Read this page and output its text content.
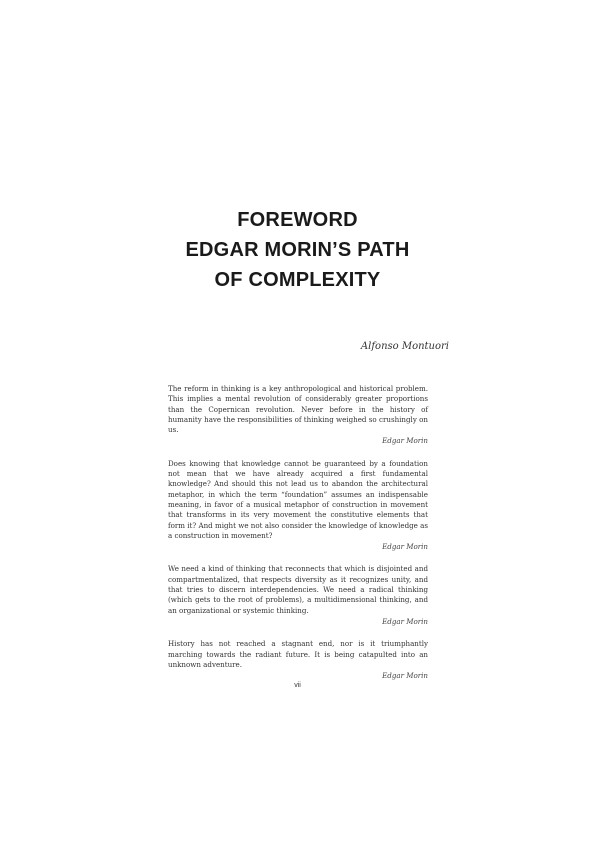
FOREWORD
EDGAR MORIN’S PATH
OF COMPLEXITY
Alfonso Montuori

The reform in thinking is a key anthropological and historical problem. This implies a mental revolution of considerably greater proportions than the Copernican revolution. Never before in the history of humanity have the responsibilities of thinking weighed so crushingly on us.

Edgar Morin

Does knowing that knowledge cannot be guaranteed by a foundation not mean that we have already acquired a first fundamental knowledge? And should this not lead us to abandon the architectural metaphor, in which the term “foundation” assumes an indispensable meaning, in favor of a musical metaphor of construction in movement that transforms in its very movement the constitutive elements that form it? And might we not also consider the knowledge of knowledge as a construction in movement?

Edgar Morin

We need a kind of thinking that reconnects that which is disjointed and compartmentalized, that respects diversity as it recognizes unity, and that tries to discern interdependencies. We need a radical thinking (which gets to the root of problems), a multidimensional thinking, and an organizational or systemic thinking.

Edgar Morin

History has not reached a stagnant end, nor is it triumphantly marching towards the radiant future. It is being catapulted into an unknown adventure.

Edgar Morin

vii
